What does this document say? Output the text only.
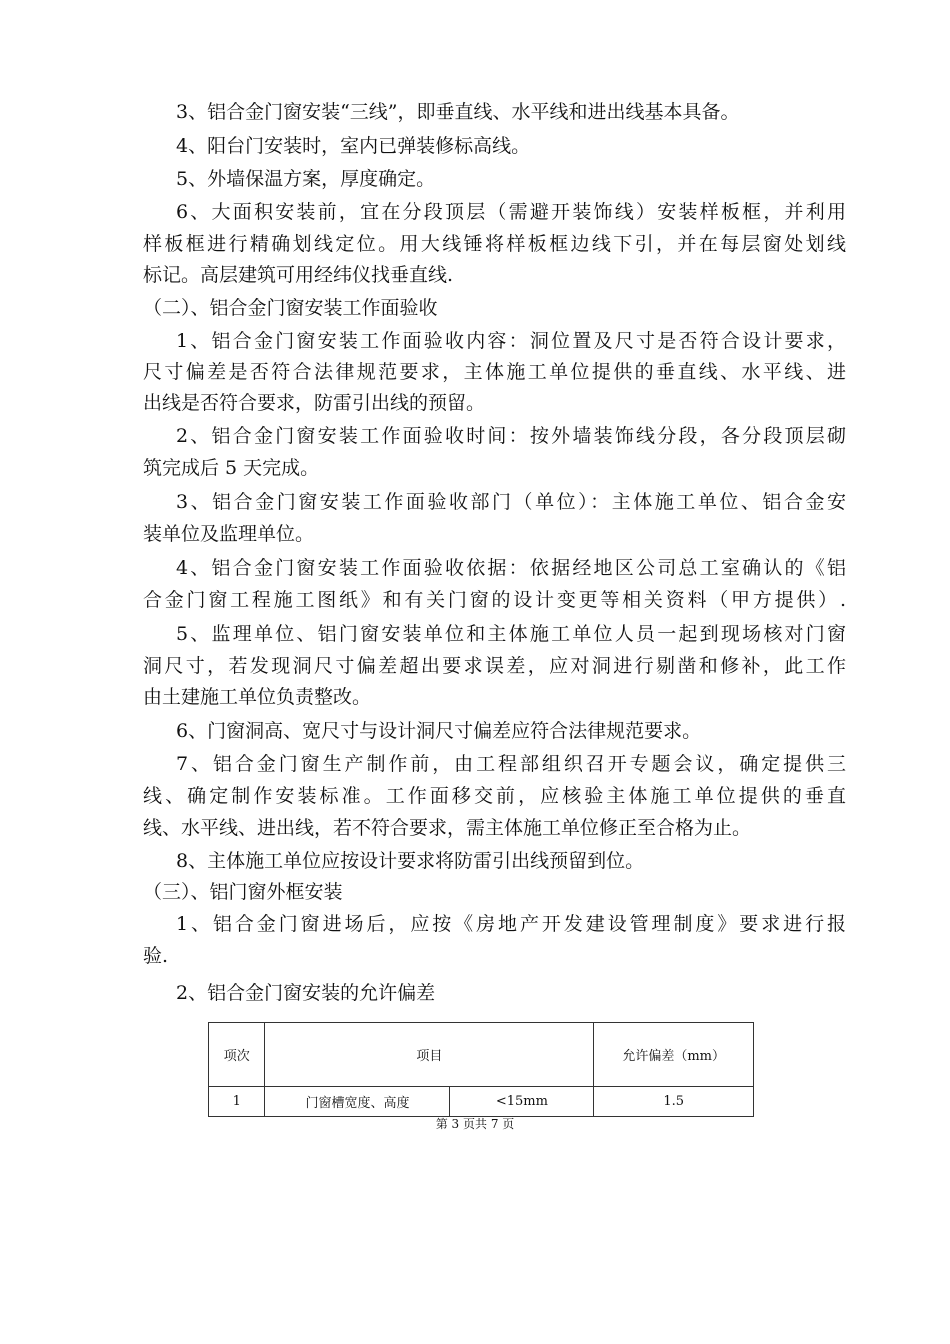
3、铝合金门窗安装“三线”，即垂直线、水平线和进出线基本具备。
4、阳台门安装时，室内已弹装修标高线。
5、外墙保温方案，厚度确定。
6、大面积安装前，宜在分段顶层（需避开装饰线）安装样板框，并利用
样板框进行精确划线定位。用大线锤将样板框边线下引，并在每层窗处划线
标记。高层建筑可用经纬仪找垂直线.
（二）、铝合金门窗安装工作面验收
1、铝合金门窗安装工作面验收内容：洞位置及尺寸是否符合设计要求，
尺寸偏差是否符合法律规范要求，主体施工单位提供的垂直线、水平线、进
出线是否符合要求，防雷引出线的预留。
2、铝合金门窗安装工作面验收时间：按外墙装饰线分段，各分段顶层砌
筑完成后 5 天完成。
3、铝合金门窗安装工作面验收部门（单位）：主体施工单位、铝合金安
装单位及监理单位。
4、铝合金门窗安装工作面验收依据：依据经地区公司总工室确认的《铝
合金门窗工程施工图纸》和有关门窗的设计变更等相关资料（甲方提供）.
5、监理单位、铝门窗安装单位和主体施工单位人员一起到现场核对门窗
洞尺寸，若发现洞尺寸偏差超出要求误差，应对洞进行剔凿和修补，此工作
由土建施工单位负责整改。
6、门窗洞高、宽尺寸与设计洞尺寸偏差应符合法律规范要求。
7、铝合金门窗生产制作前，由工程部组织召开专题会议，确定提供三
线、确定制作安装标准。工作面移交前，应核验主体施工单位提供的垂直
线、水平线、进出线，若不符合要求，需主体施工单位修正至合格为止。
8、主体施工单位应按设计要求将防雷引出线预留到位。
（三）、铝门窗外框安装
1、铝合金门窗进场后，应按《房地产开发建设管理制度》要求进行报
验.
2、铝合金门窗安装的允许偏差
项次	项目		允许偏差（mm）
1	门窗槽宽度、高度	<15mm	1.5
第 3 页共 7 页
